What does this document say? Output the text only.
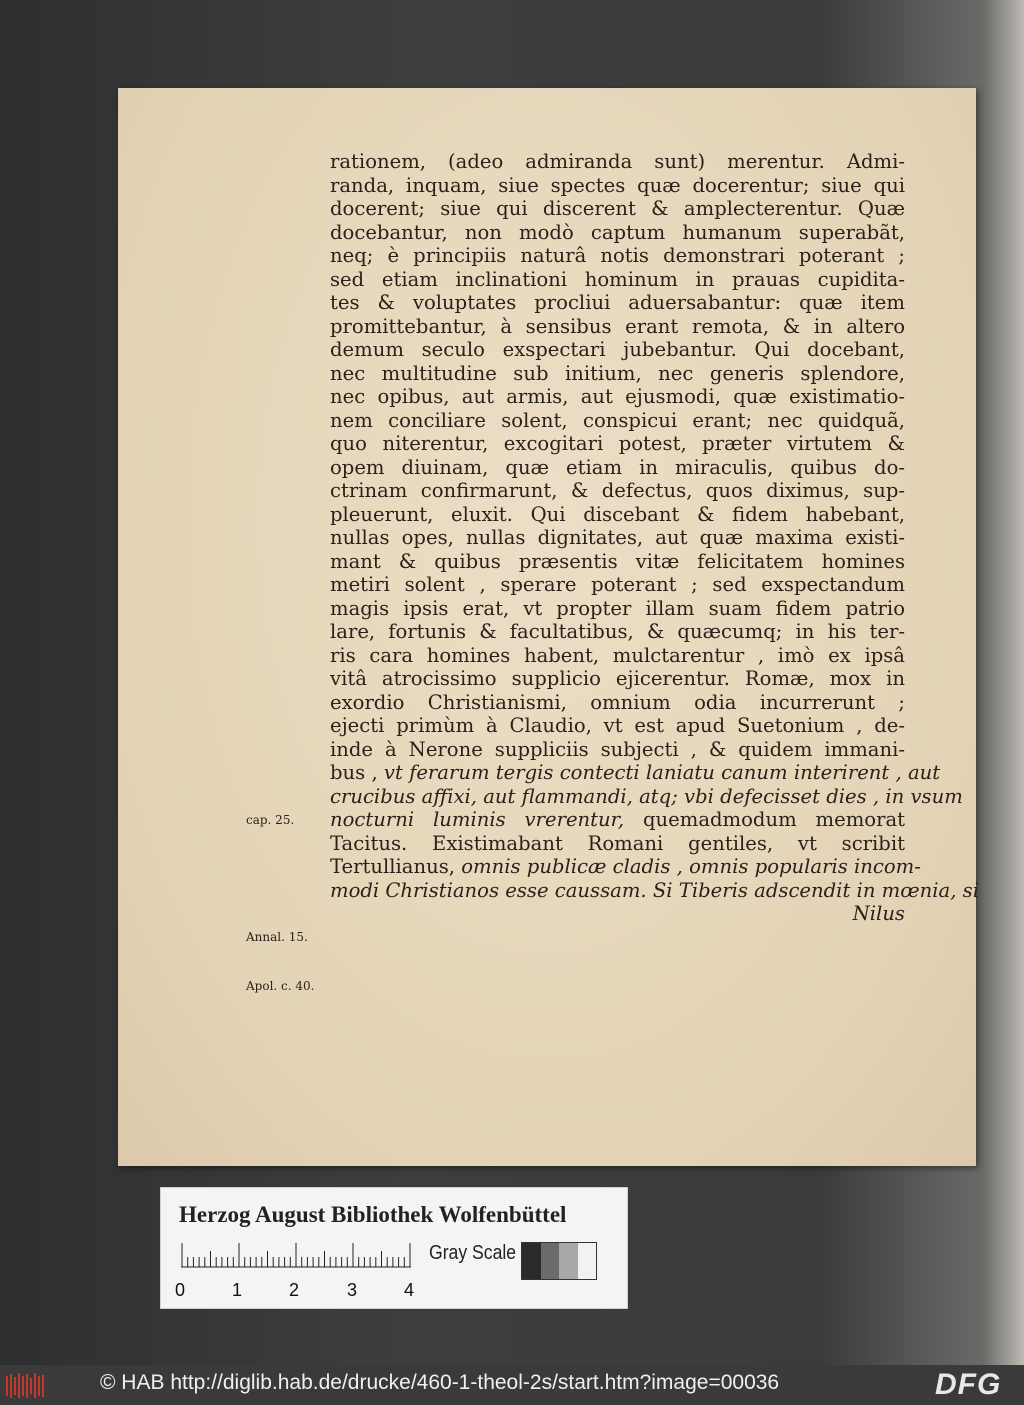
rationem, (adeo admiranda sunt) merentur. Admi-
randa, inquam, siue spectes quæ docerentur; siue qui
docerent; siue qui discerent & amplecterentur. Quæ
docebantur, non modò captum humanum superabãt,
neq; è principiis naturâ notis demonstrari poterant ;
sed etiam inclinationi hominum in prauas cupidita-
tes & voluptates procliui aduersabantur: quæ item
promittebantur, à sensibus erant remota, & in altero
demum seculo exspectari jubebantur. Qui docebant,
nec multitudine sub initium, nec generis splendore,
nec opibus, aut armis, aut ejusmodi, quæ existimatio-
nem conciliare solent, conspicui erant; nec quidquã,
quo niterentur, excogitari potest, præter virtutem &
opem diuinam, quæ etiam in miraculis, quibus do-
ctrinam confirmarunt, & defectus, quos diximus, sup-
pleuerunt, eluxit. Qui discebant & fidem habebant,
nullas opes, nullas dignitates, aut quæ maxima existi-
mant & quibus præsentis vitæ felicitatem homines
metiri solent , sperare poterant ; sed exspectandum
magis ipsis erat, vt propter illam suam fidem patrio
lare, fortunis & facultatibus, & quæcumq; in his ter-
ris cara homines habent, mulctarentur , imò ex ipsâ
vitâ atrocissimo supplicio ejicerentur. Romæ, mox in
exordio Christianismi, omnium odia incurrerunt ;
ejecti primùm à Claudio, vt est apud Suetonium , de-
inde à Nerone suppliciis subjecti , & quidem immani-
bus , vt ferarum tergis contecti laniatu canum interirent , aut
crucibus affixi, aut flammandi, atq; vbi defecisset dies , in vsum
nocturni luminis vrerentur, quemadmodum memorat
Tacitus. Existimabant Romani gentiles, vt scribit
Tertullianus, omnis publicæ cladis , omnis popularis incom-
modi Christianos esse caussam. Si Tiberis adscendit in mœnia, si
Nilus
cap. 25.
Annal. 15.
Apol. c. 40.
Herzog August Bibliothek Wolfenbüttel
0	1	2	3	4
Gray Scale
© HAB http://diglib.hab.de/drucke/460-1-theol-2s/start.htm?image=00036	DFG
